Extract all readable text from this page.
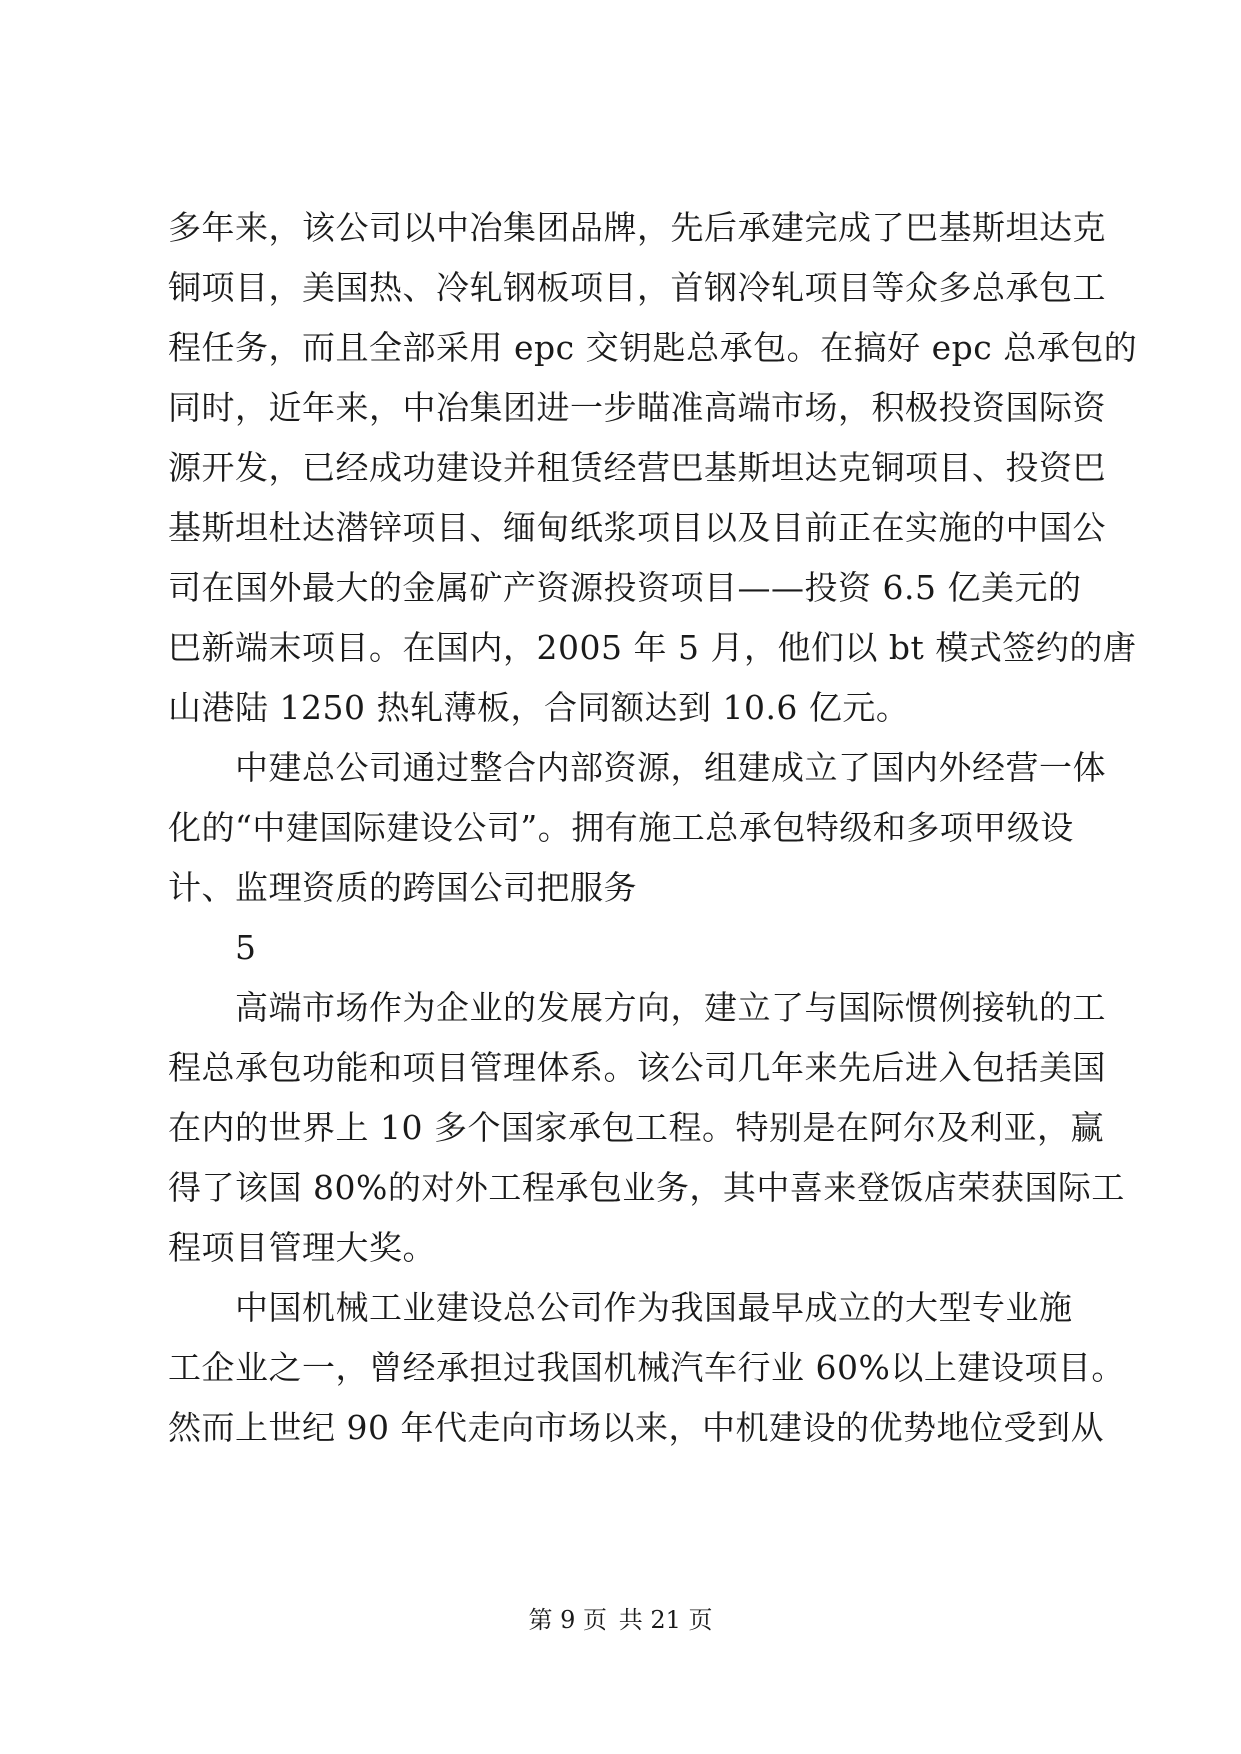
多年来，该公司以中冶集团品牌，先后承建完成了巴基斯坦达克
铜项目，美国热、冷轧钢板项目，首钢冷轧项目等众多总承包工
程任务，而且全部采用 epc 交钥匙总承包。在搞好 epc 总承包的
同时，近年来，中冶集团进一步瞄准高端市场，积极投资国际资
源开发，已经成功建设并租赁经营巴基斯坦达克铜项目、投资巴
基斯坦杜达潜锌项目、缅甸纸浆项目以及目前正在实施的中国公
司在国外最大的金属矿产资源投资项目——投资 6.5 亿美元的
巴新端末项目。在国内，2005 年 5 月，他们以 bt 模式签约的唐
山港陆 1250 热轧薄板，合同额达到 10.6 亿元。
中建总公司通过整合内部资源，组建成立了国内外经营一体
化的“中建国际建设公司”。拥有施工总承包特级和多项甲级设
计、监理资质的跨国公司把服务
5
高端市场作为企业的发展方向，建立了与国际惯例接轨的工
程总承包功能和项目管理体系。该公司几年来先后进入包括美国
在内的世界上 10 多个国家承包工程。特别是在阿尔及利亚，赢
得了该国 80%的对外工程承包业务，其中喜来登饭店荣获国际工
程项目管理大奖。
中国机械工业建设总公司作为我国最早成立的大型专业施
工企业之一，曾经承担过我国机械汽车行业 60%以上建设项目。
然而上世纪 90 年代走向市场以来，中机建设的优势地位受到从
第 9 页 共 21 页
